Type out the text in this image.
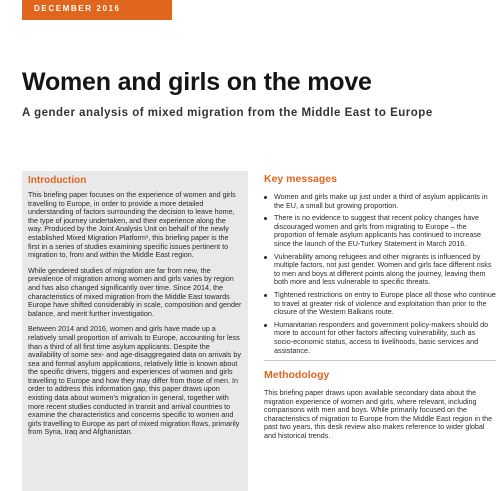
DECEMBER 2016
Women and girls on the move
A gender analysis of mixed migration from the Middle East to Europe
Introduction

This briefing paper focuses on the experience of women and girls travelling to Europe, in order to provide a more detailed understanding of factors surrounding the decision to leave home, the type of journey undertaken, and their experience along the way. Produced by the Joint Analysis Unit on behalf of the newly established Mixed Migration Platform¹, this briefing paper is the first in a series of studies examining specific issues pertinent to migration to, from and within the Middle East region.

While gendered studies of migration are far from new, the prevalence of migration among women and girls varies by region and has also changed significantly over time. Since 2014, the characteristics of mixed migration from the Middle East towards Europe have shifted considerably in scale, composition and gender balance, and merit further investigation.

Between 2014 and 2016, women and girls have made up a relatively small proportion of arrivals to Europe, accounting for less than a third of all first time asylum applicants. Despite the availability of some sex- and age-disaggregated data on arrivals by sea and formal asylum applications, relatively little is known about the specific drivers, triggers and experiences of women and girls travelling to Europe and how they may differ from those of men. In order to address this information gap, this paper draws upon existing data about women's migration in general, together with more recent studies conducted in transit and arrival countries to examine the characteristics and concerns specific to women and girls travelling to Europe as part of mixed migration flows, primarily from Syria, Iraq and Afghanistan.

Key messages
Women and girls make up just under a third of asylum applicants in the EU, a small but growing proportion.
There is no evidence to suggest that recent policy changes have discouraged women and girls from migrating to Europe – the proportion of female asylum applicants has continued to increase since the launch of the EU-Turkey Statement in March 2016.
Vulnerability among refugees and other migrants is influenced by multiple factors, not just gender. Women and girls face different risks to men and boys at different points along the journey, leaving them both more and less vulnerable to specific threats.
Tightened restrictions on entry to Europe place all those who continue to travel at greater risk of violence and exploitation than prior to the closure of the Western Balkans route.
Humanitarian responders and government policy-makers should do more to account for other factors affecting vulnerability, such as socio-economic status, access to livelihoods, basic services and assistance.
Methodology

This briefing paper draws upon available secondary data about the migration experience of women and girls, where relevant, including comparisons with men and boys. While primarily focused on the characteristics of migration to Europe from the Middle East region in the past two years, this desk review also makes reference to wider global and historical trends.
